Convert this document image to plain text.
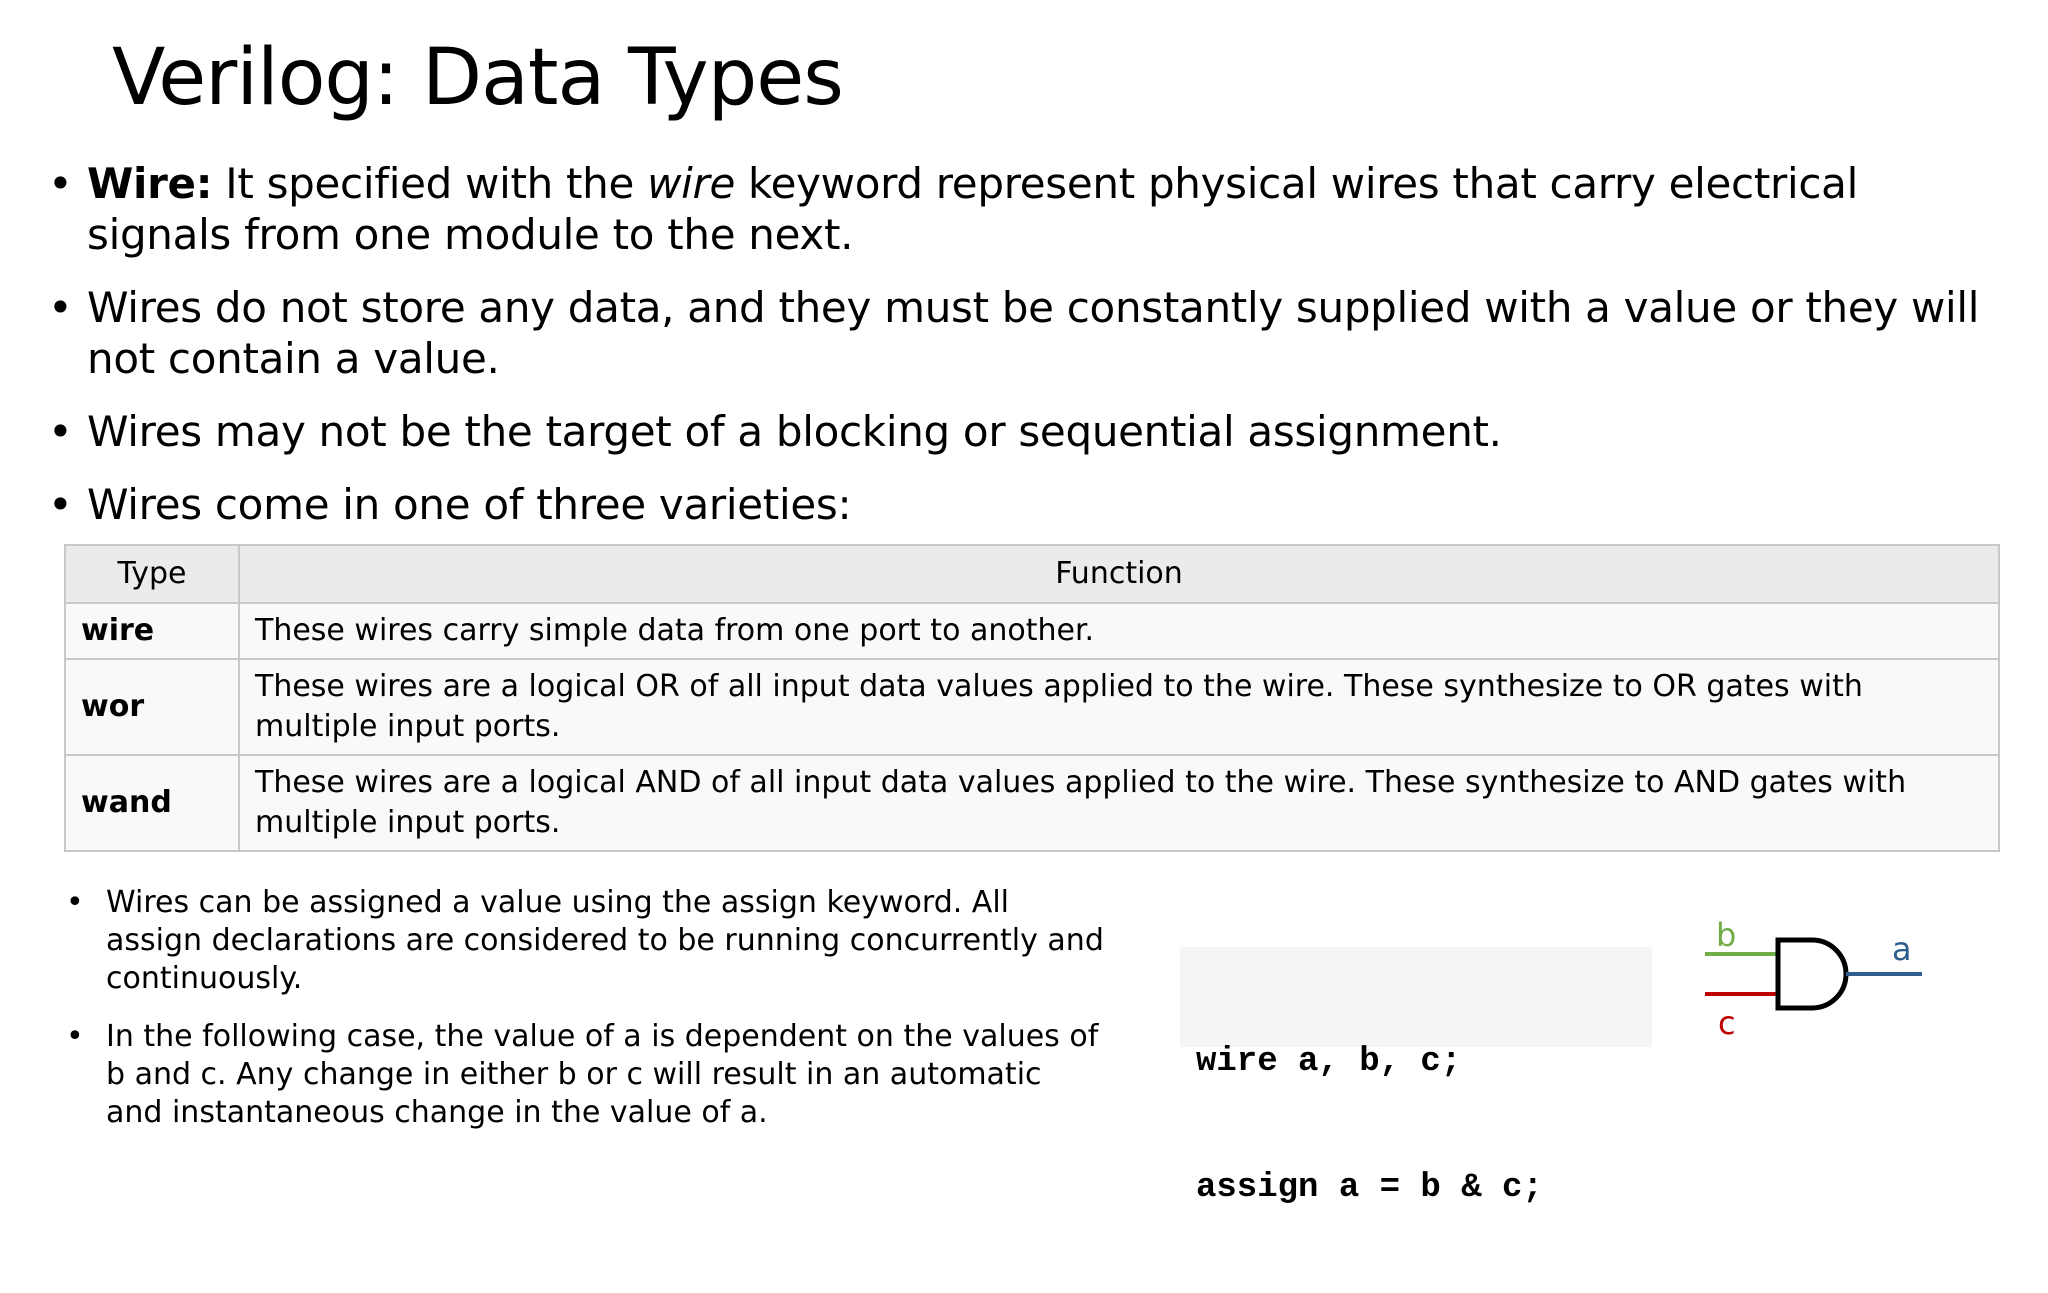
Verilog: Data Types
• Wire: It specified with the wire keyword represent physical wires that carry electrical signals from one module to the next.
• Wires do not store any data, and they must be constantly supplied with a value or they will not contain a value.
• Wires may not be the target of a blocking or sequential assignment.
• Wires come in one of three varieties:
Type	Function
wire	These wires carry simple data from one port to another.
wor	These wires are a logical OR of all input data values applied to the wire. These synthesize to OR gates with multiple input ports.
wand	These wires are a logical AND of all input data values applied to the wire. These synthesize to AND gates with multiple input ports.
• Wires can be assigned a value using the assign keyword. All assign declarations are considered to be running concurrently and continuously.
• In the following case, the value of a is dependent on the values of b and c. Any change in either b or c will result in an automatic and instantaneous change in the value of a.

wire a, b, c;

assign a = b & c;

b
c
a
